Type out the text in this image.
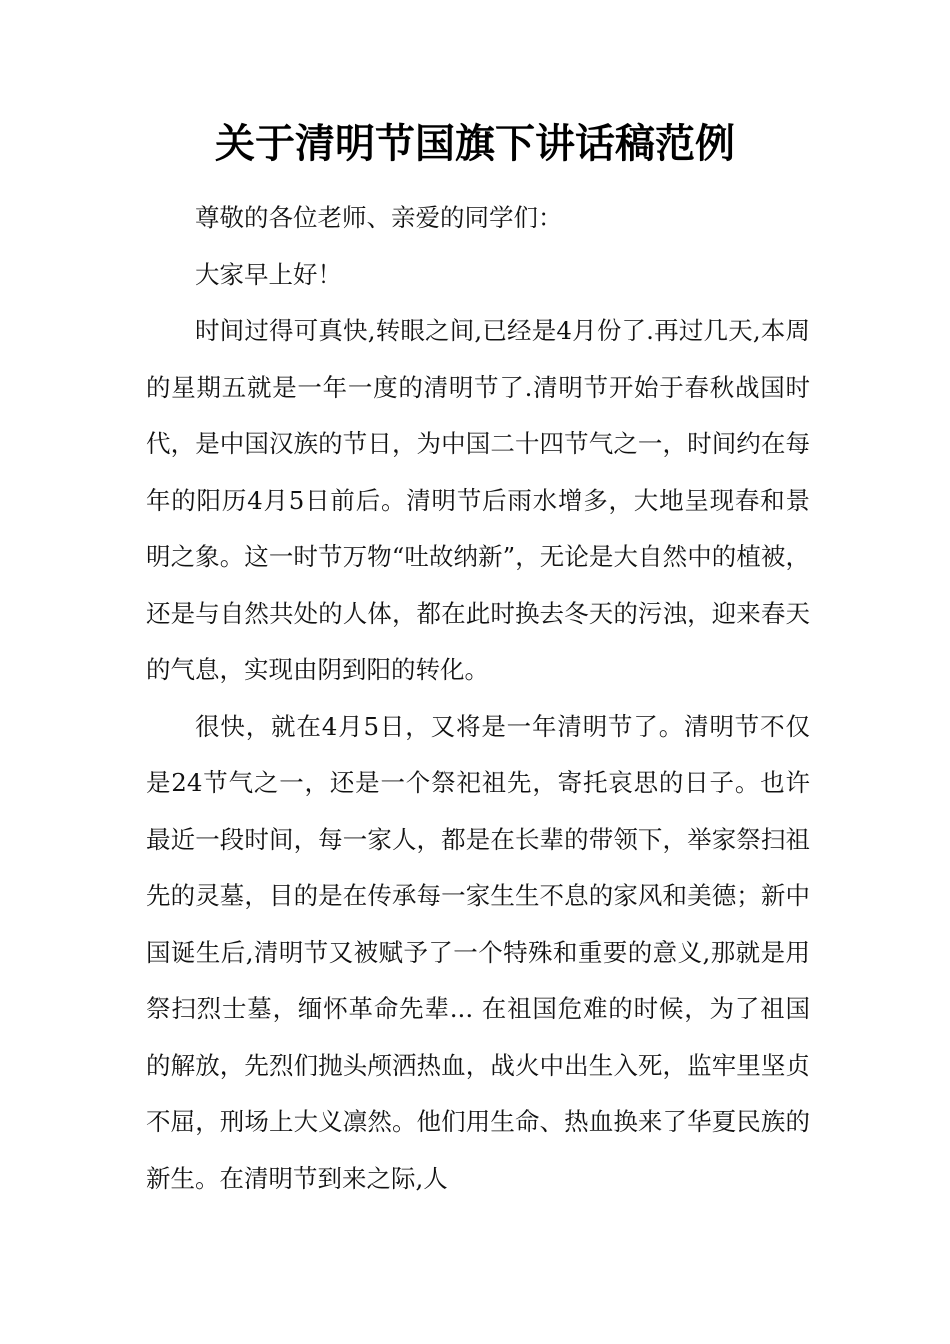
关于清明节国旗下讲话稿范例

尊敬的各位老师、亲爱的同学们：

大家早上好！

时间过得可真快,转眼之间,已经是4月份了.再过几天,本周的星期五就是一年一度的清明节了.清明节开始于春秋战国时代，是中国汉族的节日，为中国二十四节气之一，时间约在每年的阳历4月5日前后。清明节后雨水增多，大地呈现春和景明之象。这一时节万物“吐故纳新”，无论是大自然中的植被，还是与自然共处的人体，都在此时换去冬天的污浊，迎来春天的气息，实现由阴到阳的转化。

很快，就在4月5日，又将是一年清明节了。清明节不仅是24节气之一，还是一个祭祀祖先，寄托哀思的日子。也许最近一段时间，每一家人，都是在长辈的带领下，举家祭扫祖先的灵墓，目的是在传承每一家生生不息的家风和美德；新中国诞生后,清明节又被赋予了一个特殊和重要的意义,那就是用祭扫烈士墓，缅怀革命先辈... 在祖国危难的时候，为了祖国的解放，先烈们抛头颅洒热血，战火中出生入死，监牢里坚贞不屈，刑场上大义凛然。他们用生命、热血换来了华夏民族的新生。在清明节到来之际,人
